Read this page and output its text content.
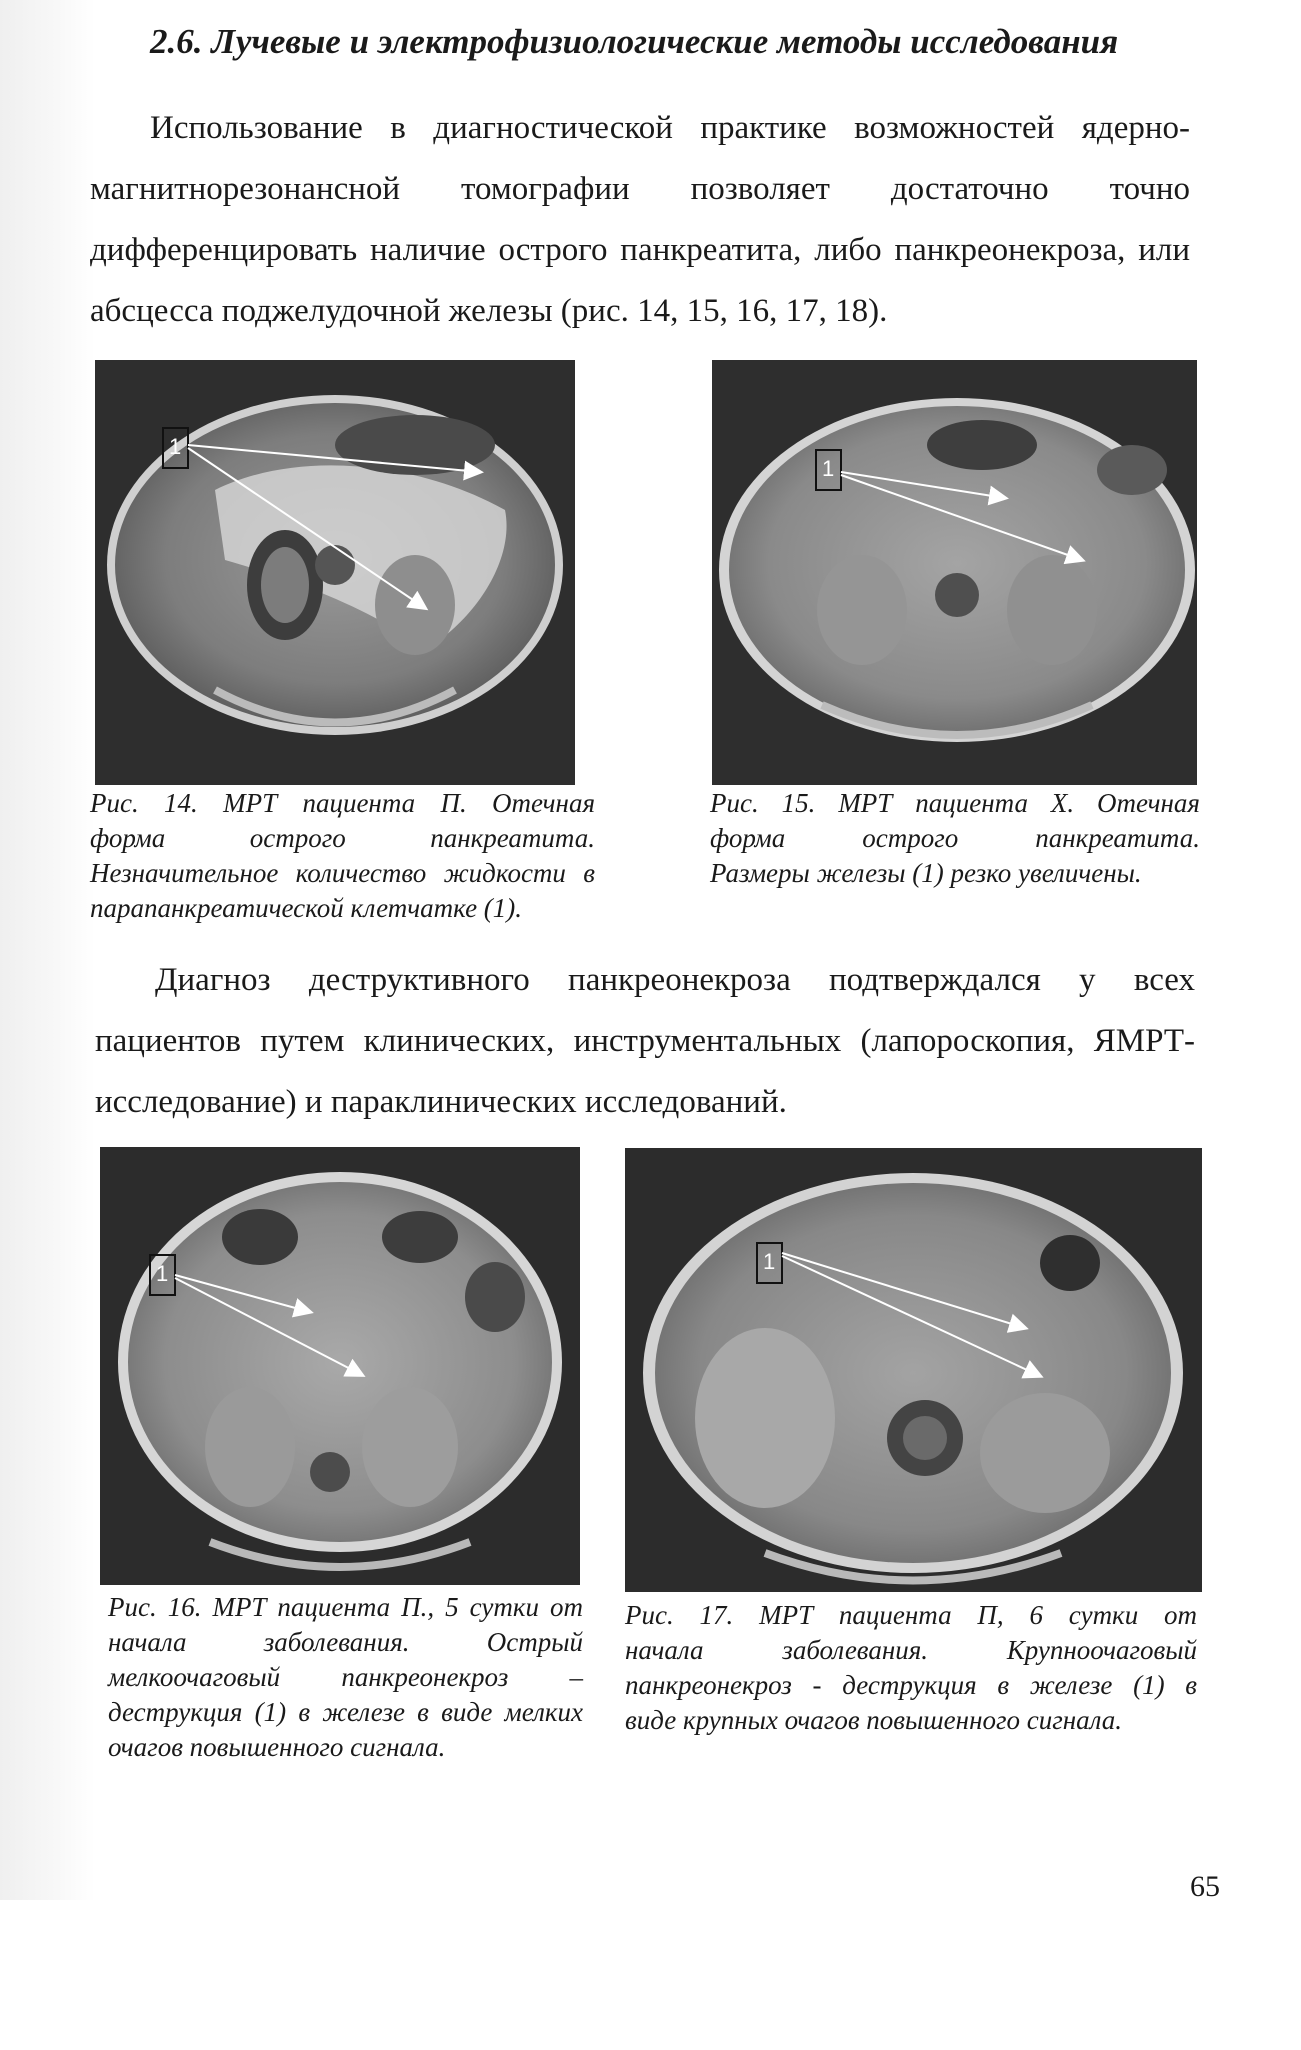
2.6. Лучевые и электрофизиологические методы исследования
Использование в диагностической практике возможностей ядерно-
магнитнорезонансной томографии позволяет достаточно точно
дифференцировать наличие острого панкреатита, либо панкреонекроза, или
абсцесса поджелудочной железы (рис. 14, 15, 16, 17, 18).
1
1
Рис. 14. МРТ пациента П. Отечная
форма острого панкреатита.
Незначительное количество жидкости в
парапанкреатической клетчатке (1).
Рис. 15. МРТ пациента Х. Отечная
форма острого панкреатита.
Размеры железы (1) резко увеличены.
Диагноз деструктивного панкреонекроза подтверждался у всех
пациентов путем клинических, инструментальных (лапороскопия, ЯМРТ-
исследование) и параклинических исследований.
1	1
Рис. 16. МРТ пациента П., 5 сутки от
начала заболевания. Острый
мелкоочаговый панкреонекроз –
деструкция (1) в железе в виде мелких
очагов повышенного сигнала.
Рис. 17. МРТ пациента П, 6 сутки от
начала заболевания. Крупноочаговый
панкреонекроз - деструкция в железе (1) в
виде крупных очагов повышенного сигнала.
65
